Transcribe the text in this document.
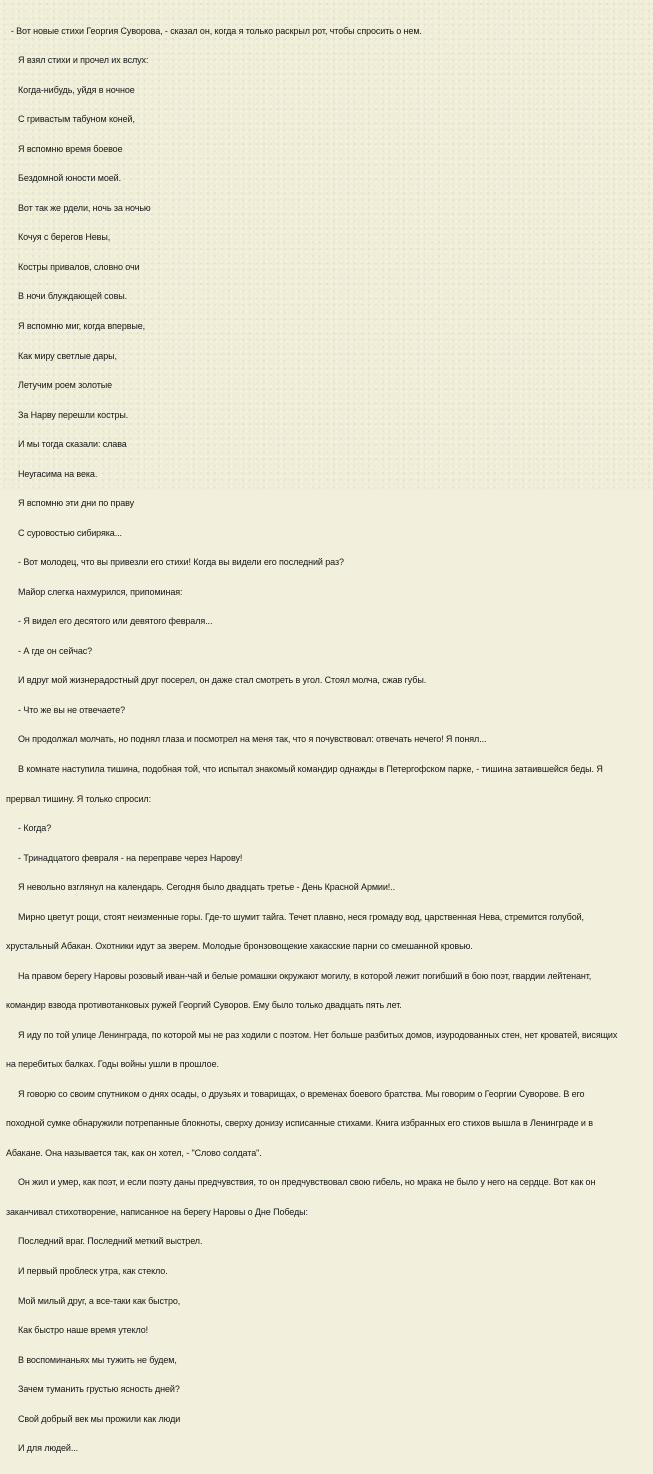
- Вот новые стихи Георгия Суворова, - сказал он, когда я только раскрыл рот, чтобы спросить о нем.

Я взял стихи и прочел их вслух:

Когда-нибудь, уйдя в ночное

С гривастым табуном коней,

Я вспомню время боевое

Бездомной юности моей.

Вот так же рдели, ночь за ночью

Кочуя с берегов Невы,

Костры привалов, словно очи

В ночи блуждающей совы.

Я вспомню миг, когда впервые,

Как миру светлые дары,

Летучим роем золотые

За Нарву перешли костры.

И мы тогда сказали: слава

Неугасима на века.

Я вспомню эти дни по праву

С суровостью сибиряка...

- Вот молодец, что вы привезли его стихи! Когда вы видели его последний раз?

Майор слегка нахмурился, припоминая:

- Я видел его десятого или девятого февраля...

- А где он сейчас?

И вдруг мой жизнерадостный друг посерел, он даже стал смотреть в угол. Стоял молча, сжав губы.

- Что же вы не отвечаете?

Он продолжал молчать, но поднял глаза и посмотрел на меня так, что я почувствовал: отвечать нечего! Я понял...

В комнате наступила тишина, подобная той, что испытал знакомый командир однажды в Петергофском парке, - тишина затаившейся беды. Я

прервал тишину. Я только спросил:

- Когда?

- Тринадцатого февраля - на переправе через Нарову!

Я невольно взглянул на календарь. Сегодня было двадцать третье - День Красной Армии!..

Мирно цветут рощи, стоят неизменные горы. Где-то шумит тайга. Течет плавно, неся громаду вод, царственная Нева, стремится голубой,

хрустальный Абакан. Охотники идут за зверем. Молодые бронзовощекие хакасские парни со смешанной кровью.

На правом берегу Наровы розовый иван-чай и белые ромашки окружают могилу, в которой лежит погибший в бою поэт, гвардии лейтенант,

командир взвода противотанковых ружей Георгий Суворов. Ему было только двадцать пять лет.

Я иду по той улице Ленинграда, по которой мы не раз ходили с поэтом. Нет больше разбитых домов, изуродованных стен, нет кроватей, висящих

на перебитых балках. Годы войны ушли в прошлое.

Я говорю со своим спутником о днях осады, о друзьях и товарищах, о временах боевого братства. Мы говорим о Георгии Суворове. В его

походной сумке обнаружили потрепанные блокноты, сверху донизу исписанные стихами. Книга избранных его стихов вышла в Ленинграде и в

Абакане. Она называется так, как он хотел, - "Слово солдата".

Он жил и умер, как поэт, и если поэту даны предчувствия, то он предчувствовал свою гибель, но мрака не было у него на сердце. Вот как он

заканчивал стихотворение, написанное на берегу Наровы о Дне Победы:

Последний враг. Последний меткий выстрел.

И первый проблеск утра, как стекло.

Мой милый друг, а все-таки как быстро,

Как быстро наше время утекло!

В воспоминаньях мы тужить не будем,

Зачем туманить грустью ясность дней?

Свой добрый век мы прожили как люди

И для людей...
